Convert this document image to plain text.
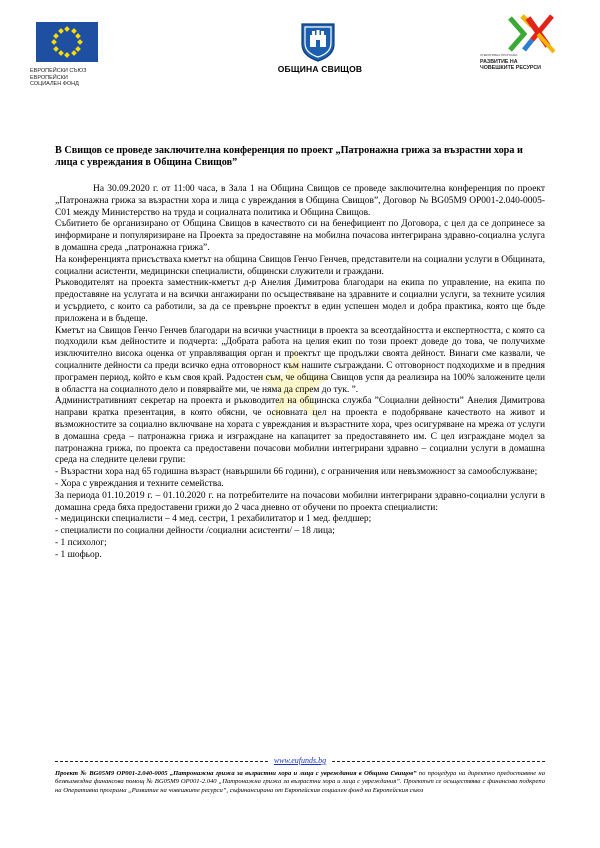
ЕВРОПЕЙСКИ СЪЮЗ
ЕВРОПЕЙСКИ
СОЦИАЛЕН ФОНД
ОБЩИНА СВИЩОВ
ОПЕРАТИВНА ПРОГРАМА
РАЗВИТИЕ НА
ЧОВЕШКИТЕ РЕСУРСИ
В Свищов се проведе заключителна конференция по проект „Патронажна грижа за възрастни хора и лица с увреждания в Община Свищов”

На 30.09.2020 г. от 11:00 часа, в Зала 1 на Община Свищов се проведе заключителна конференция по проект „Патронажна грижа за възрастни хора и лица с увреждания в Община Свищов”, Договор № BG05M9 OP001-2.040-0005-C01 между Министерство на труда и социалната политика и Община Свищов.

Събитието бе организирано от Община Свищов в качеството си на бенефициент по Договора, с цел да се допринесе за информиране и популяризиране на Проекта за предоставяне на мобилна почасова интегрирана здравно-социална услуга в домашна среда „патронажна грижа”.

На конференцията присъстваха кметът на община Свищов Генчо Генчев, представители на социални услуги в Общината, социални асистенти, медицински специалисти, общински служители и граждани.

Ръководителят на проекта заместник-кметът д-р Анелия Димитрова благодари на екипа по управление, на екипа по предоставяне на услугата и на всички ангажирани по осъществяване на здравните и социални услуги, за техните усилия и усърдието, с които са работили, за да се превърне проектът в един успешен модел и добра практика, която ще бъде приложена и в бъдеще.

Кметът на Свищов Генчо Генчев благодари на всички участници в проекта за всеотдайността и експертността, с която са подходили към дейностите и подчерта: „Добрата работа на целия екип по този проект доведе до това, че получихме изключително висока оценка от управляващия орган и проектът ще продължи своята дейност. Винаги сме казвали, че социалните дейности са преди всичко една отговорност към нашите съграждани. С отговорност подходихме и в предния програмен период, който е към своя край. Радостен съм, че община Свищов успя да реализира на 100% заложените цели в областта на социалното дело и повярвайте ми, че няма да спрем до тук. ”.

Административният секретар на проекта и ръководител на общинска служба ”Социални дейности” Анелия Димитрова направи кратка презентация, в която обясни, че основната цел на проекта е подобряване качеството на живот и възможностите за социално включване на хората с увреждания и възрастните хора, чрез осигуряване на мрежа от услуги в домашна среда – патронажна грижа и изграждане на капацитет за предоставянето им. С цел изграждане модел за патронажна грижа, по проекта са предоставени почасови мобилни интегрирани здравно – социални услуги в домашна среда на следните целеви групи:

- Възрастни хора над 65 годишна възраст (навършили 66 години), с ограничения или невъзможност за самообслужване;

- Хора с увреждания и техните семейства.

За периода 01.10.2019 г. – 01.10.2020 г. на потребителите на почасови мобилни интегрирани здравно-социални услуги в домашна среда бяха предоставени грижи до 2 часа дневно от обучени по проекта специалисти:

- медицински специалисти – 4 мед. сестри, 1 рехабилитатор и 1 мед. фелдшер;

- специалисти по социални дейности /социални асистенти/ – 18 лица;

- 1 психолог;

- 1 шофьор.

www.eufunds.bg
Проект № BG05M9 OP001-2.040-0005 „Патронажна грижа за възрастни хора и лица с увреждания в Община Свищов” по процедура на директно предоставяне на безвъзмездна финансова помощ № BG05M9 OP001-2.040 „Патронажна грижа за възрастни хора и лица с увреждания”. Проектът се осъществява с финансова подкрепа на Оперативна програма „Развитие на човешките ресурси”, съфинансирана от Европейския социален фонд на Европейския съюз
